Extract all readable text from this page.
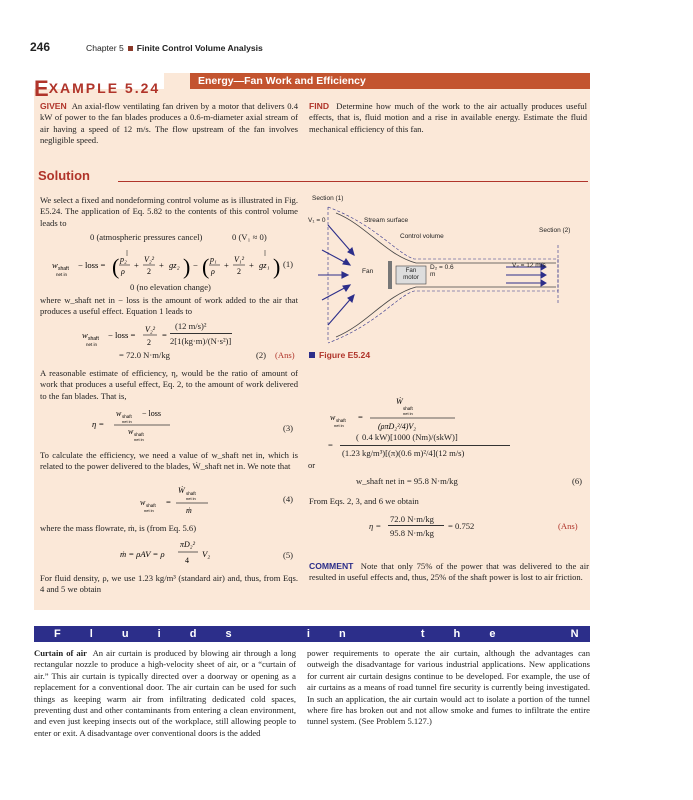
246	Chapter 5 Finite Control Volume Analysis
EXAMPLE 5.24	Energy—Fan Work and Efficiency
GIVEN An axial-flow ventilating fan driven by a motor that delivers 0.4 kW of power to the fan blades produces a 0.6-m-diameter axial stream of air having a speed of 12 m/s. The flow upstream of the fan involves negligible speed.
FIND Determine how much of the work to the air actually produces useful effects, that is, fluid motion and a rise in available energy. Estimate the fluid mechanical efficiency of this fan.
Solution
We select a fixed and nondeforming control volume as is illustrated in Fig. E5.24. The application of Eq. 5.82 to the contents of this control volume leads to
0 (atmospheric pressures cancel)	0 (V₁ ≈ 0)
w shaft
net in
− loss = ( p₂
ρ
+
V₂²
2
+ gz₂ ) − ( p₁
ρ
+
V₁²
2
+ gz₁ ) (1)
0 (no elevation change)
where w_shaft net in − loss is the amount of work added to the air that produces a useful effect. Equation 1 leads to
w shaft
net in
− loss =
V₂²
2
=
(12 m/s)²
2[1(kg·m)/(N·s²)]
= 72.0 N·m/kg	(2) (Ans)
A reasonable estimate of efficiency, η, would be the ratio of amount of work that produces a useful effect, Eq. 2, to the amount of work delivered to the fan blades. That is,
η =
w shaft
net in
− loss
w shaft
net in
(3)
To calculate the efficiency, we need a value of w_shaft net in, which is related to the power delivered to the blades, Ẇ_shaft net in. We note that
w shaft
net in
=
Ẇ shaft
net in
ṁ
(4)
where the mass flowrate, ṁ, is (from Eq. 5.6)
ṁ = ρAV = ρ
πD₂²
4
V₂	(5)
For fluid density, ρ, we use 1.23 kg/m³ (standard air) and, thus, from Eqs. 4 and 5 we obtain
Section (1)
V₁ = 0	Stream surface
Control volume
Section (2)
Fan	Fan motor
D₂ = 0.6 m
V₂ = 12 m/s
Figure E5.24
w shaft
net in
=
Ẇ
shaft
net in
(ρπD₂²/4)V₂
0.4 kW)[1000 (Nm)/(skW)]
(
=
(1.23 kg/m³)[(π)(0.6 m)²/4](12 m/s)
or
w_shaft net in = 95.8 N·m/kg	(6)
From Eqs. 2, 3, and 6 we obtain
η =
72.0 N·m/kg
95.8 N·m/kg
= 0.752	(Ans)
COMMENT Note that only 75% of the power that was delivered to the air resulted in useful effects and, thus, 25% of the shaft power is lost to air friction.
F l u i d s   i n   t h e   N e w s
Curtain of air An air curtain is produced by blowing air through a long rectangular nozzle to produce a high-velocity sheet of air, or a “curtain of air.” This air curtain is typically directed over a doorway or opening as a replacement for a conventional door. The air curtain can be used for such things as keeping warm air from infiltrating dedicated cold spaces, preventing dust and other contaminants from entering a clean environment, and even just keeping insects out of the workplace, still allowing people to enter or exit. A disadvantage over conventional doors is the added
power requirements to operate the air curtain, although the advantages can outweigh the disadvantage for various industrial applications. New applications for current air curtain designs continue to be developed. For example, the use of air curtains as a means of road tunnel fire security is currently being investigated. In such an application, the air curtain would act to isolate a portion of the tunnel where fire has broken out and not allow smoke and fumes to infiltrate the entire tunnel system. (See Problem 5.127.)
